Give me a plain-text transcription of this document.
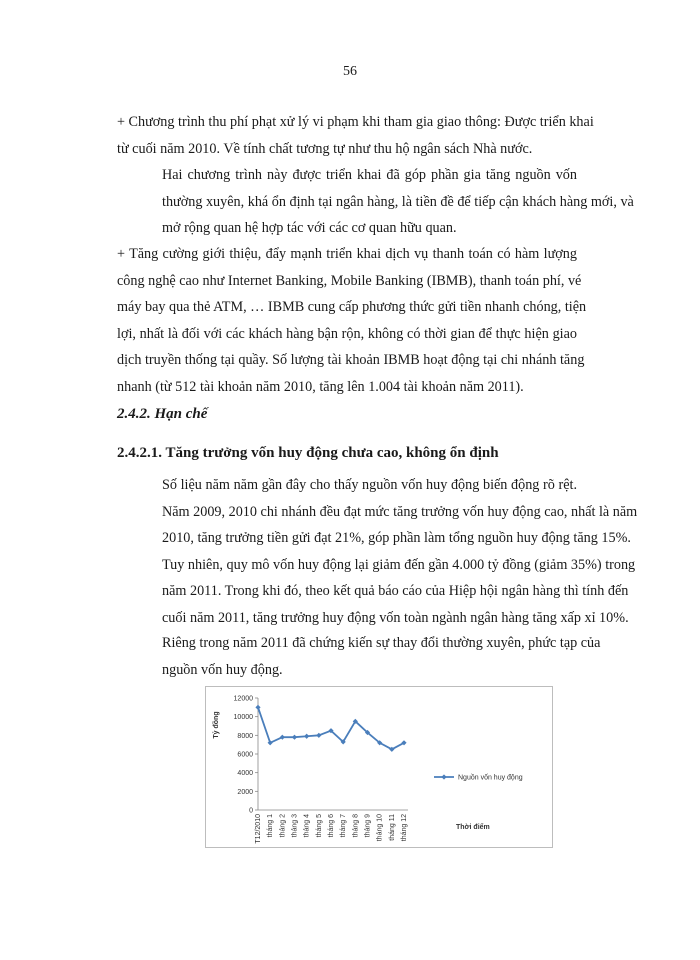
56
+ Chương trình thu phí phạt xử lý vi phạm khi tham gia giao thông: Được triển khai
từ cuối năm 2010. Về tính chất tương tự như thu hộ ngân sách Nhà nước.
Hai chương trình này được triển khai đã góp phần gia tăng nguồn vốn
thường xuyên, khá ổn định tại ngân hàng, là tiền đề để tiếp cận khách hàng mới, và
mở rộng quan hệ hợp tác với các cơ quan hữu quan.
+ Tăng cường giới thiệu, đẩy mạnh triển khai dịch vụ thanh toán có hàm lượng
công nghệ cao như Internet Banking, Mobile Banking (IBMB), thanh toán phí, vé
máy bay qua thẻ ATM, … IBMB cung cấp phương thức gửi tiền nhanh chóng, tiện
lợi, nhất là đối với các khách hàng bận rộn, không có thời gian để thực hiện giao
dịch truyền thống tại quầy. Số lượng tài khoản IBMB hoạt động tại chi nhánh tăng
nhanh (từ 512 tài khoản năm 2010, tăng lên 1.004 tài khoản năm 2011).
2.4.2. Hạn chế
2.4.2.1. Tăng trưởng vốn huy động chưa cao, không ổn định
Số liệu năm năm gần đây cho thấy nguồn vốn huy động biến động rõ rệt.
Năm 2009, 2010 chi nhánh đều đạt mức tăng trưởng vốn huy động cao, nhất là năm
2010, tăng trưởng tiền gửi đạt 21%, góp phần làm tổng nguồn huy động tăng 15%.
Tuy nhiên, quy mô vốn huy động lại giảm đến gần 4.000 tỷ đồng (giảm 35%) trong
năm 2011. Trong khi đó, theo kết quả báo cáo của Hiệp hội ngân hàng thì tính đến
cuối năm 2011, tăng trưởng huy động vốn toàn ngành ngân hàng tăng xấp xỉ 10%.
Riêng trong năm 2011 đã chứng kiến sự thay đổi thường xuyên, phức tạp của
nguồn vốn huy động.
0
2000
4000
6000
8000
10000
12000
T12/2010 tháng 1 tháng 2 tháng 3 tháng 4 tháng 5 tháng 6 tháng 7 tháng 8 tháng 9 tháng 10 tháng 11 tháng 12
Tỷ đồng
Thời điểm
Nguồn vốn huy động
